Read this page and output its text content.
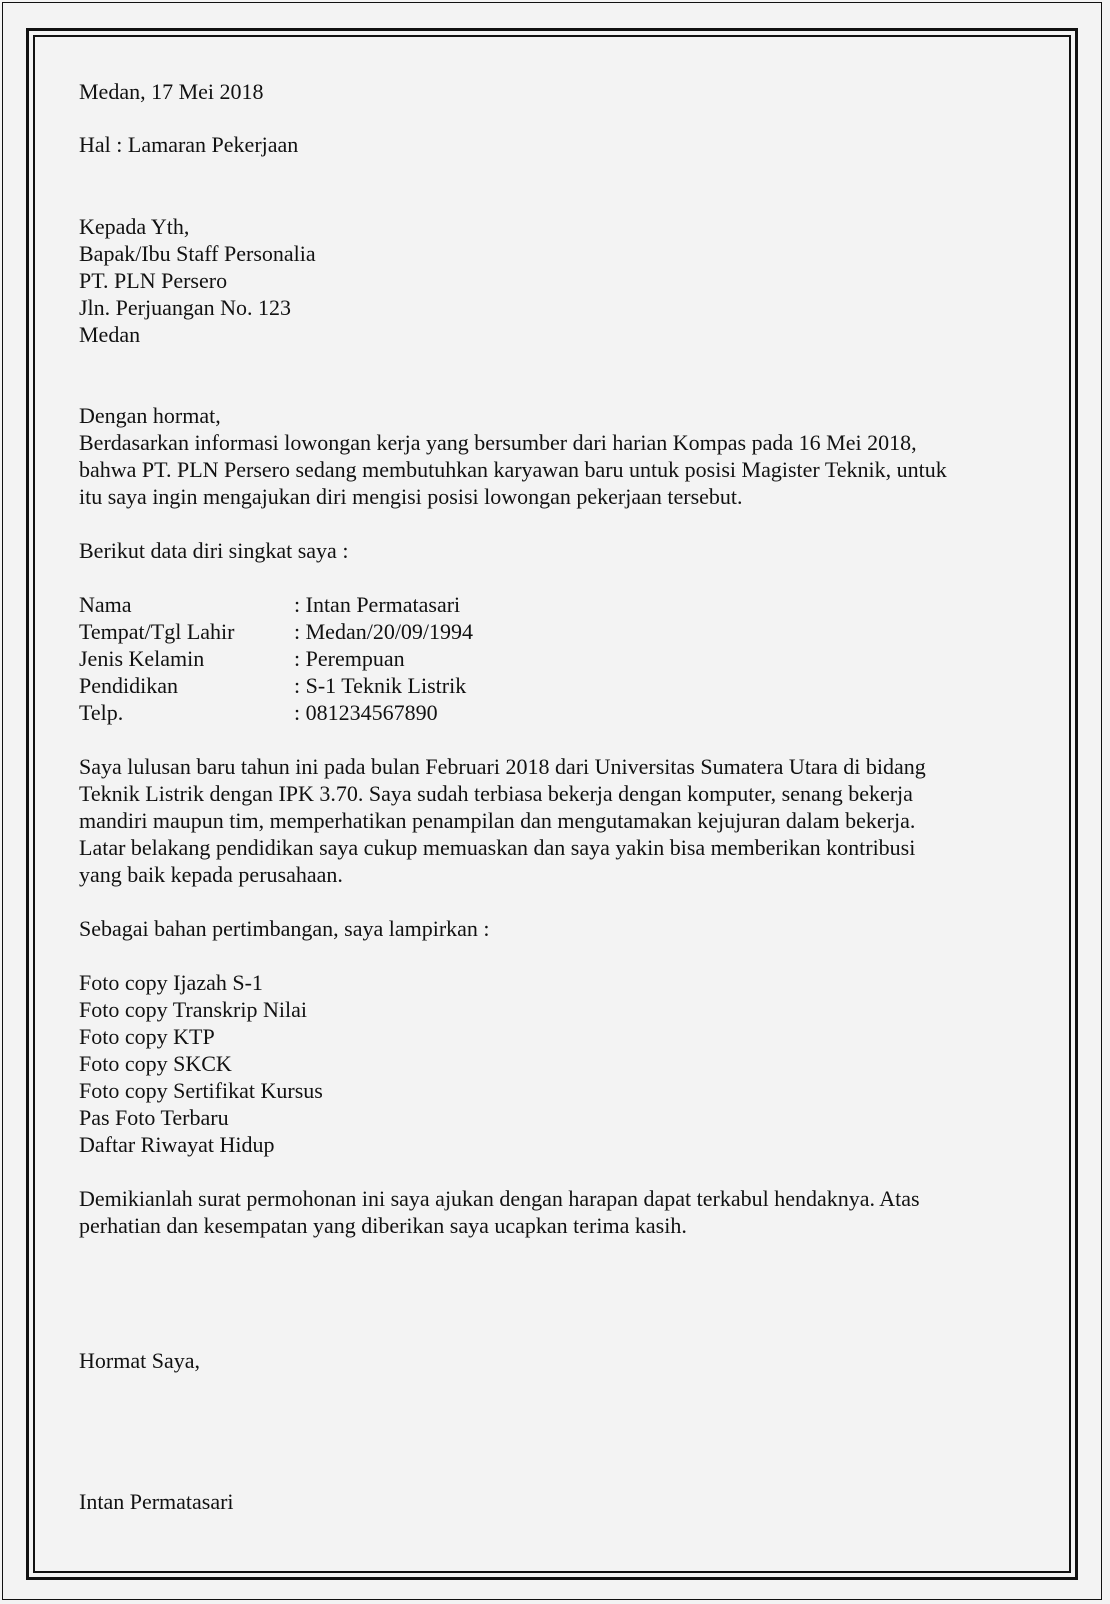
Medan, 17 Mei 2018
Hal : Lamaran Pekerjaan
Kepada Yth,
Bapak/Ibu Staff Personalia
PT. PLN Persero
Jln. Perjuangan No. 123
Medan
Dengan hormat,
Berdasarkan informasi lowongan kerja yang bersumber dari harian Kompas pada 16 Mei 2018,
bahwa PT. PLN Persero sedang membutuhkan karyawan baru untuk posisi Magister Teknik, untuk
itu saya ingin mengajukan diri mengisi posisi lowongan pekerjaan tersebut.
Berikut data diri singkat saya :
Nama	: Intan Permatasari
Tempat/Tgl Lahir	: Medan/20/09/1994
Jenis Kelamin	: Perempuan
Pendidikan	: S-1 Teknik Listrik
Telp.	: 081234567890
Saya lulusan baru tahun ini pada bulan Februari 2018 dari Universitas Sumatera Utara di bidang
Teknik Listrik dengan IPK 3.70. Saya sudah terbiasa bekerja dengan komputer, senang bekerja
mandiri maupun tim, memperhatikan penampilan dan mengutamakan kejujuran dalam bekerja.
Latar belakang pendidikan saya cukup memuaskan dan saya yakin bisa memberikan kontribusi
yang baik kepada perusahaan.
Sebagai bahan pertimbangan, saya lampirkan :
Foto copy Ijazah S-1
Foto copy Transkrip Nilai
Foto copy KTP
Foto copy SKCK
Foto copy Sertifikat Kursus
Pas Foto Terbaru
Daftar Riwayat Hidup
Demikianlah surat permohonan ini saya ajukan dengan harapan dapat terkabul hendaknya. Atas
perhatian dan kesempatan yang diberikan saya ucapkan terima kasih.
Hormat Saya,
Intan Permatasari
